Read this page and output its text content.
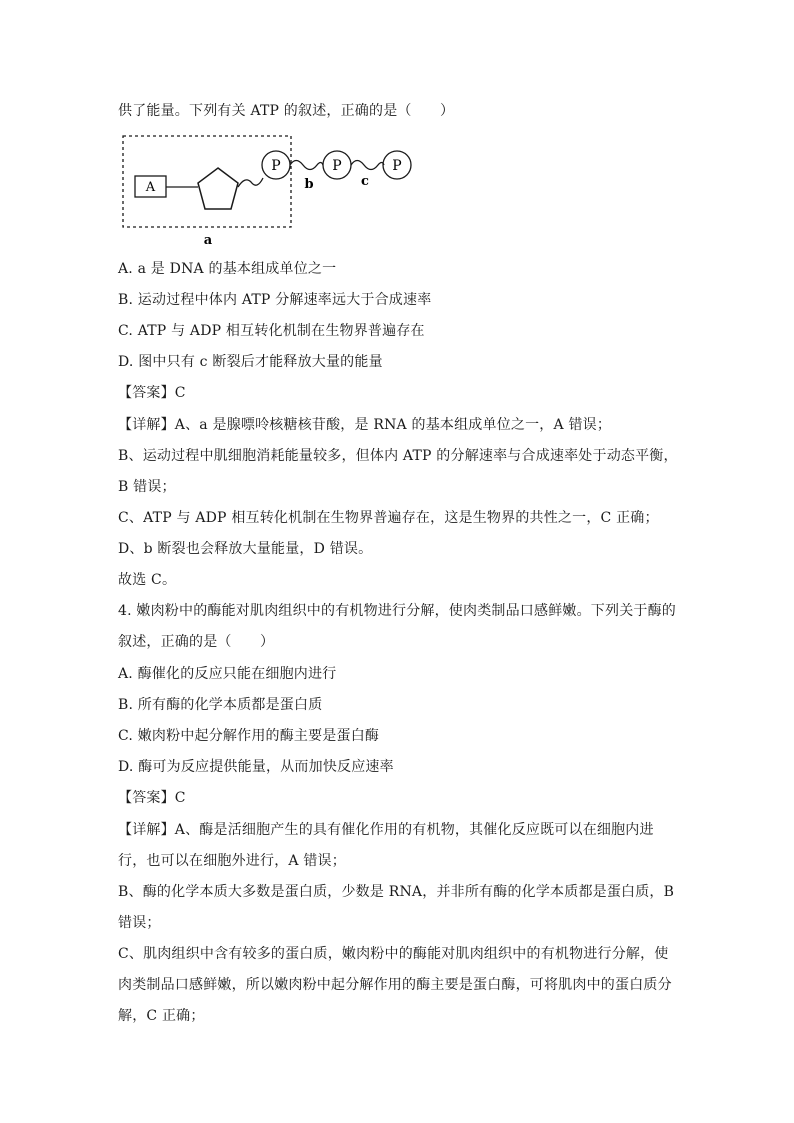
供了能量。下列有关 ATP 的叙述，正确的是（　　）
A
P	P	P
b	c
a
A. a 是 DNA 的基本组成单位之一
B. 运动过程中体内 ATP 分解速率远大于合成速率
C. ATP 与 ADP 相互转化机制在生物界普遍存在
D. 图中只有 c 断裂后才能释放大量的能量
【答案】C
【详解】A、a 是腺嘌呤核糖核苷酸，是 RNA 的基本组成单位之一，A 错误；
B、运动过程中肌细胞消耗能量较多，但体内 ATP 的分解速率与合成速率处于动态平衡，
B 错误；
C、ATP 与 ADP 相互转化机制在生物界普遍存在，这是生物界的共性之一，C 正确；
D、b 断裂也会释放大量能量，D 错误。
故选 C。
4. 嫩肉粉中的酶能对肌肉组织中的有机物进行分解，使肉类制品口感鲜嫩。下列关于酶的
叙述，正确的是（　　）
A. 酶催化的反应只能在细胞内进行
B. 所有酶的化学本质都是蛋白质
C. 嫩肉粉中起分解作用的酶主要是蛋白酶
D. 酶可为反应提供能量，从而加快反应速率
【答案】C
【详解】A、酶是活细胞产生的具有催化作用的有机物，其催化反应既可以在细胞内进
行，也可以在细胞外进行，A 错误；
B、酶的化学本质大多数是蛋白质，少数是 RNA，并非所有酶的化学本质都是蛋白质，B
错误；
C、肌肉组织中含有较多的蛋白质，嫩肉粉中的酶能对肌肉组织中的有机物进行分解，使
肉类制品口感鲜嫩，所以嫩肉粉中起分解作用的酶主要是蛋白酶，可将肌肉中的蛋白质分
解，C 正确；
